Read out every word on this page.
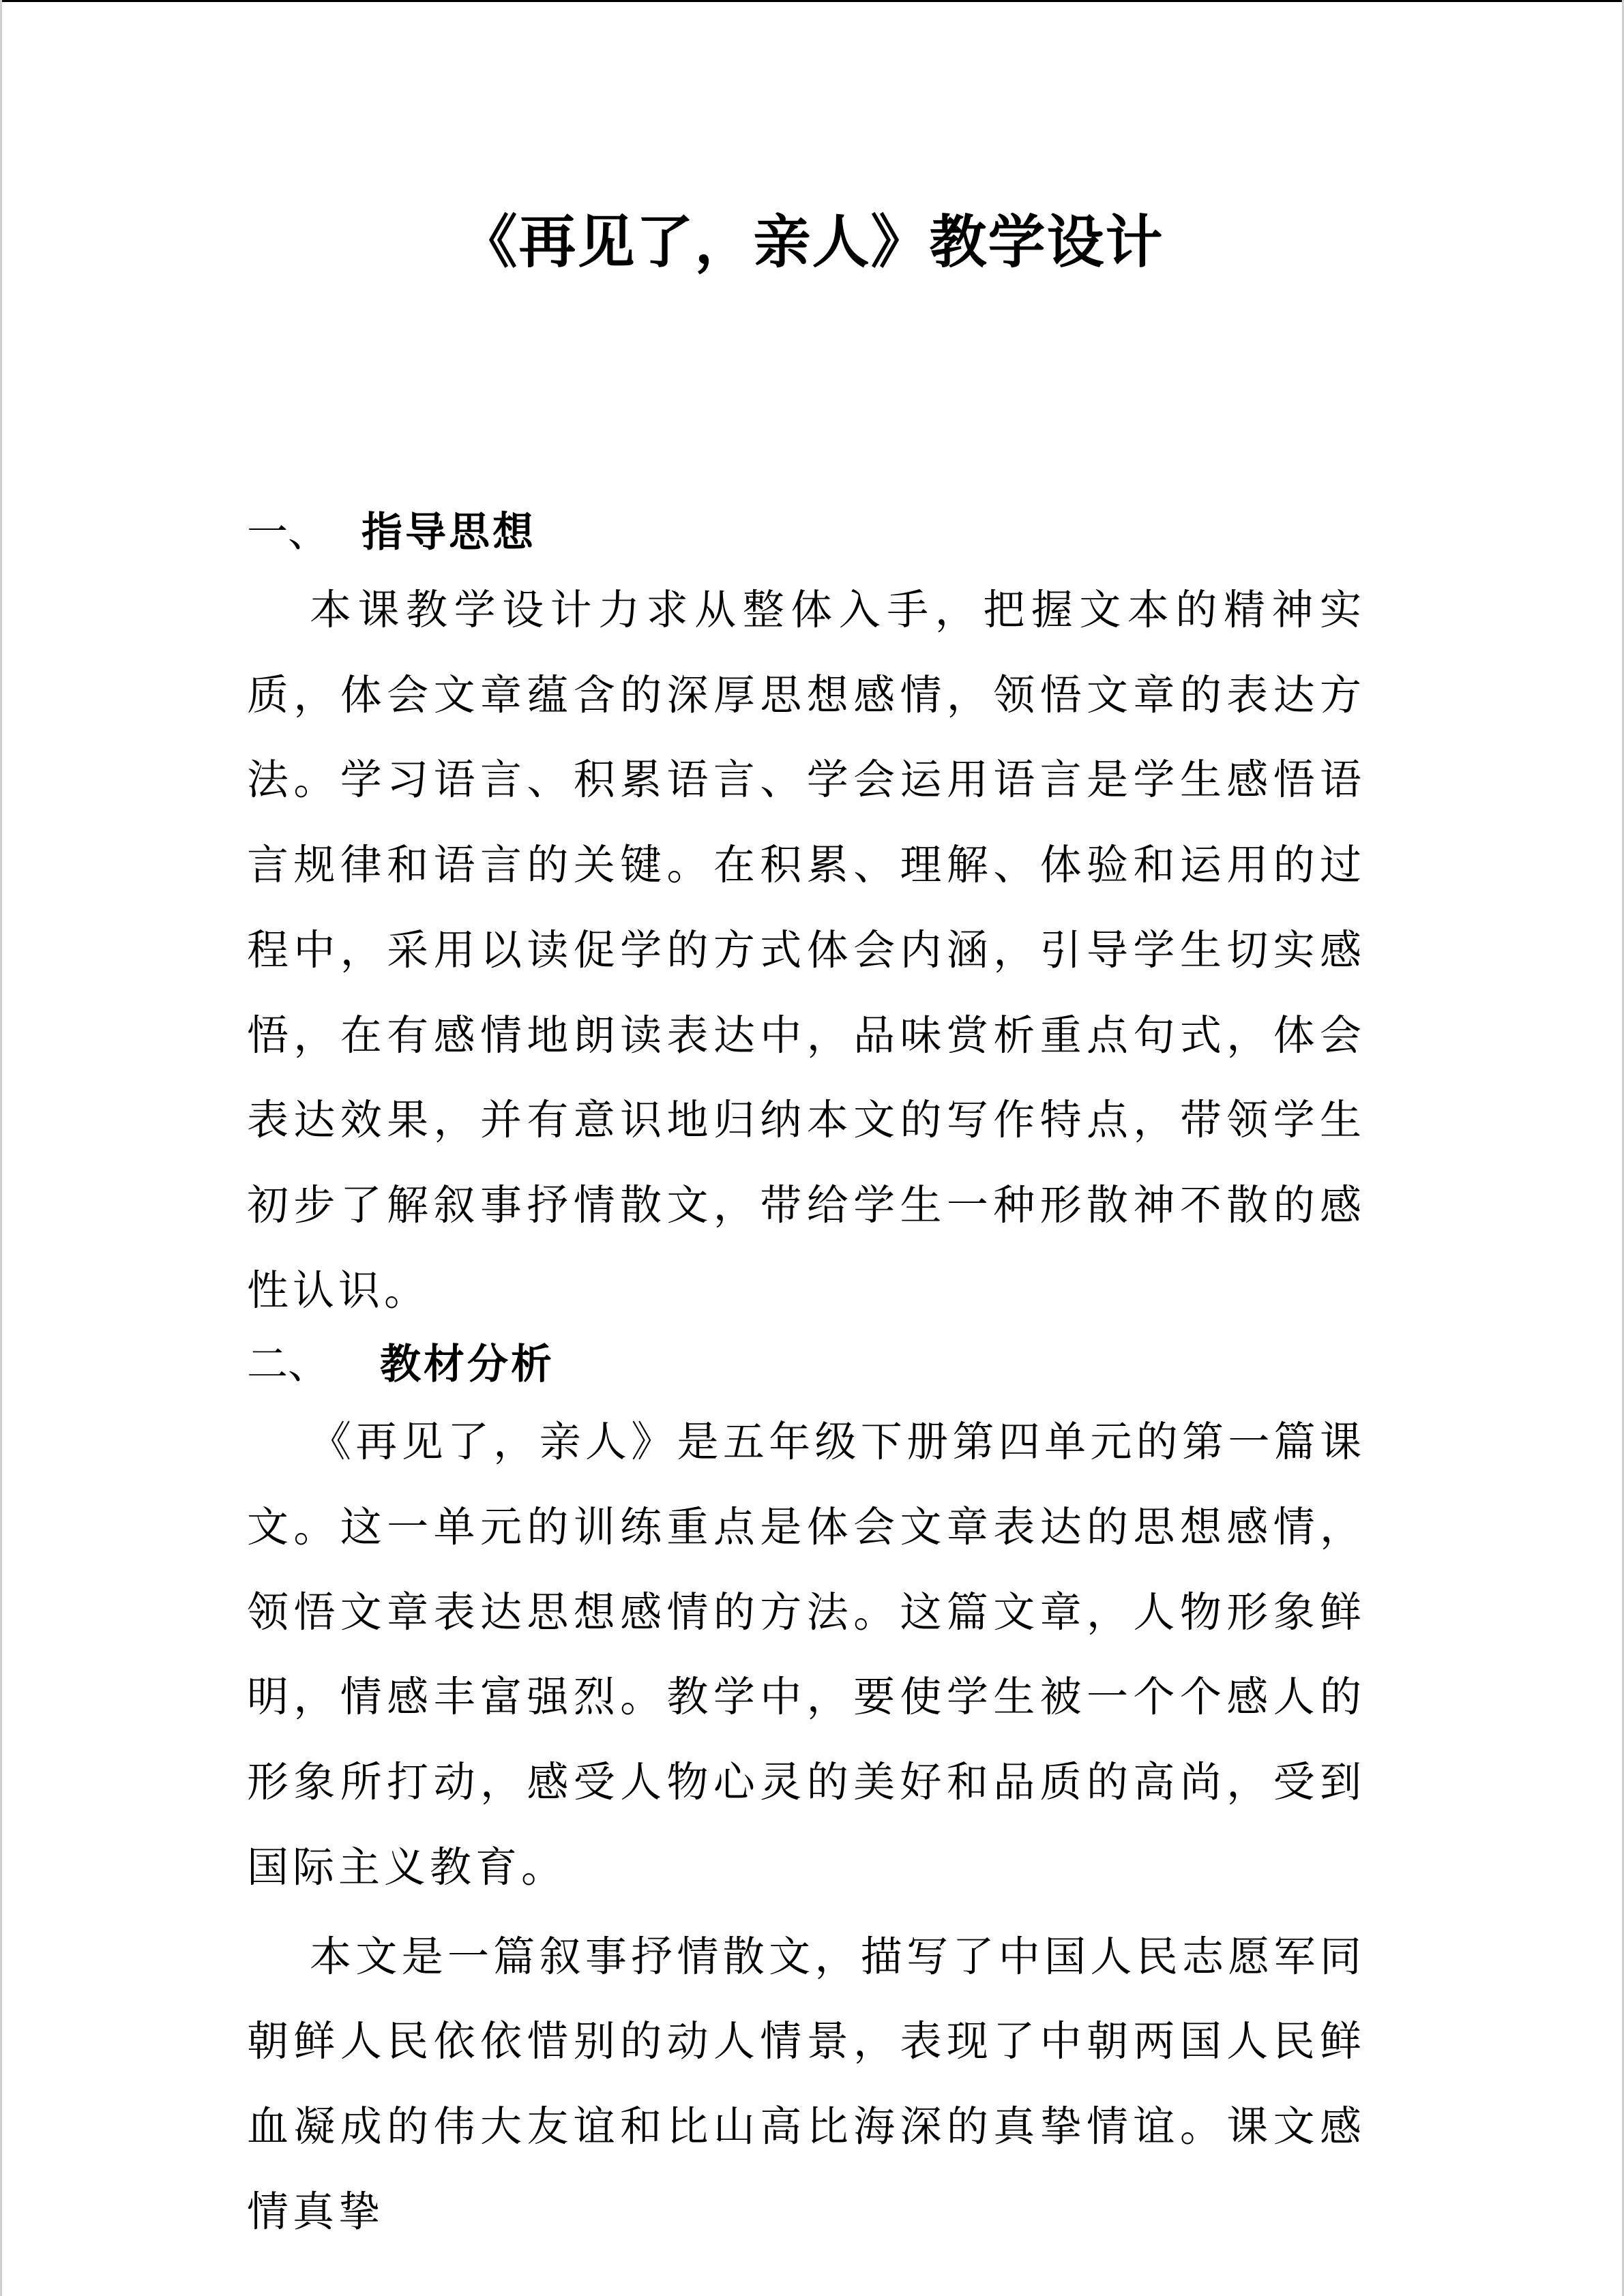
《再见了，亲人》教学设计
一、 指导思想

本课教学设计力求从整体入手，把握文本的精神实质，体会文章蕴含的深厚思想感情，领悟文章的表达方法。学习语言、积累语言、学会运用语言是学生感悟语言规律和语言的关键。在积累、理解、体验和运用的过程中，采用以读促学的方式体会内涵，引导学生切实感悟，在有感情地朗读表达中，品味赏析重点句式，体会表达效果，并有意识地归纳本文的写作特点，带领学生初步了解叙事抒情散文，带给学生一种形散神不散的感性认识。

二、 教材分析

《再见了，亲人》是五年级下册第四单元的第一篇课文。这一单元的训练重点是体会文章表达的思想感情，领悟文章表达思想感情的方法。这篇文章，人物形象鲜明，情感丰富强烈。教学中，要使学生被一个个感人的形象所打动，感受人物心灵的美好和品质的高尚，受到国际主义教育。

本文是一篇叙事抒情散文，描写了中国人民志愿军同朝鲜人民依依惜别的动人情景，表现了中朝两国人民鲜血凝成的伟大友谊和比山高比海深的真挚情谊。课文感情真挚
